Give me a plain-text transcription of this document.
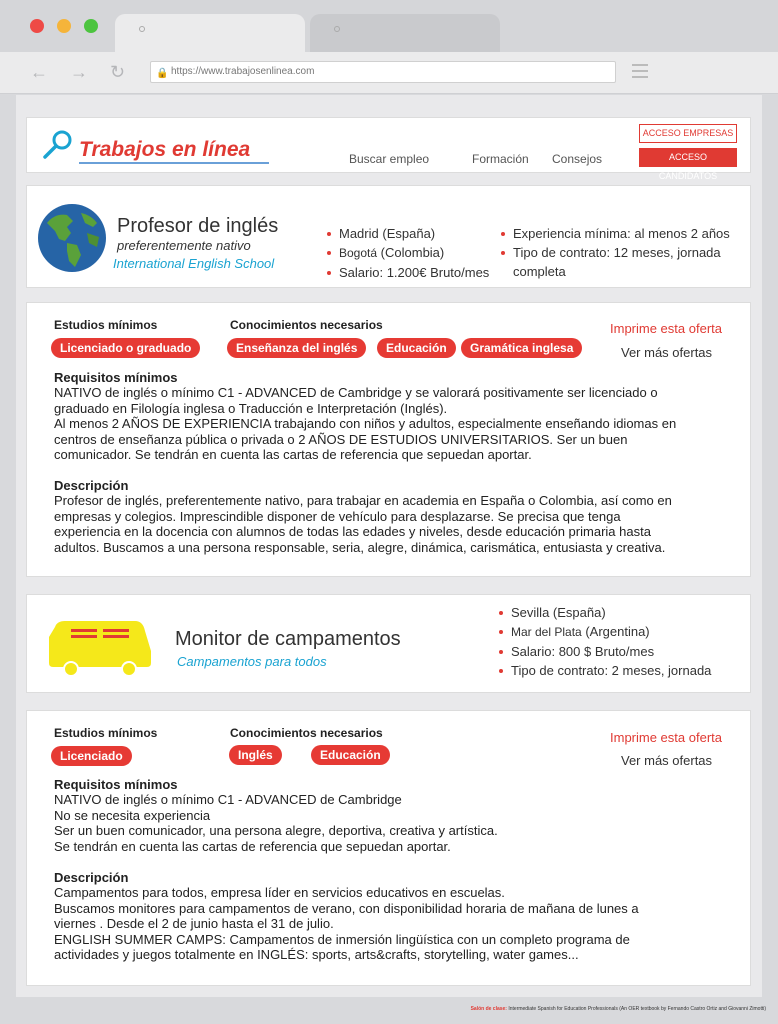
← → ↻	🔒 https://www.trabajosenlinea.com
Trabajos en línea	Buscar empleo	Formación Consejos
ACCESO EMPRESAS
ACCESO CANDIDATOS
Profesor de inglés
preferentemente nativo
International English School
Madrid (España)
Bogotá (Colombia)
Salario: 1.200€ Bruto/mes
Experiencia mínima: al menos 2 años
Tipo de contrato: 12 meses, jornada
completa
Estudios mínimos	Conocimientos necesarios
Licenciado o graduado	Enseñanza del inglés	Educación	Gramática inglesa
Imprime esta oferta
Ver más ofertas
Requisitos mínimos
NATIVO de inglés o mínimo C1 - ADVANCED de Cambridge y se valorará positivamente ser licenciado o
graduado en Filología inglesa o Traducción e Interpretación (Inglés).
Al menos 2 AÑOS DE EXPERIENCIA trabajando con niños y adultos, especialmente enseñando idiomas en
centros de enseñanza pública o privada o 2 AÑOS DE ESTUDIOS UNIVERSITARIOS. Ser un buen
comunicador. Se tendrán en cuenta las cartas de referencia que sepuedan aportar.
Descripción
Profesor de inglés, preferentemente nativo, para trabajar en academia en España o Colombia, así como en
empresas y colegios. Imprescindible disponer de vehículo para desplazarse. Se precisa que tenga
experiencia en la docencia con alumnos de todas las edades y niveles, desde educación primaria hasta
adultos. Buscamos a una persona responsable, seria, alegre, dinámica, carismática, entusiasta y creativa.
Monitor de campamentos
Campamentos para todos
Sevilla (España)
Mar del Plata (Argentina)
Salario: 800 $ Bruto/mes
Tipo de contrato: 2 meses, jornada
Estudios mínimos	Conocimientos necesarios
Licenciado	Inglés	Educación
Imprime esta oferta
Ver más ofertas
Requisitos mínimos
NATIVO de inglés o mínimo C1 - ADVANCED de Cambridge
No se necesita experiencia
Ser un buen comunicador, una persona alegre, deportiva, creativa y artística.
Se tendrán en cuenta las cartas de referencia que sepuedan aportar.
Descripción
Campamentos para todos, empresa líder en servicios educativos en escuelas.
Buscamos monitores para campamentos de verano, con disponibilidad horaria de mañana de lunes a
viernes . Desde el 2 de junio hasta el 31 de julio.
ENGLISH SUMMER CAMPS: Campamentos de inmersión lingüística con un completo programa de
actividades y juegos totalmente en INGLÉS: sports, arts&crafts, storytelling, water games...
Salón de clase: Intermediate Spanish for Education Professionals (An OER textbook by Fernando Castro Ortiz and Giovanni Zimotti)
